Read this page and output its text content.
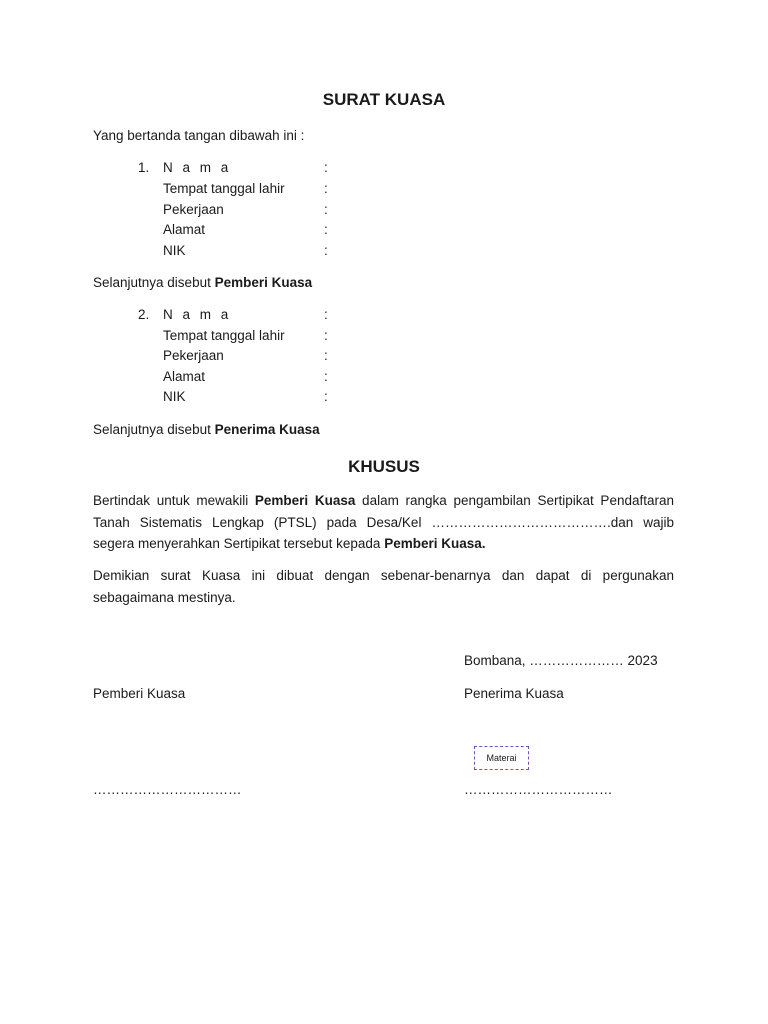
SURAT KUASA
Yang bertanda tangan dibawah ini :
1. N a m a	:
Tempat tanggal lahir	:
Pekerjaan	:
Alamat	:
NIK	:
Selanjutnya disebut Pemberi Kuasa
2. N a m a	:
Tempat tanggal lahir	:
Pekerjaan	:
Alamat	:
NIK	:
Selanjutnya disebut Penerima Kuasa
KHUSUS
Bertindak untuk mewakili Pemberi Kuasa dalam rangka pengambilan Sertipikat Pendaftaran Tanah Sistematis Lengkap (PTSL) pada Desa/Kel ………………………………….dan wajib segera menyerahkan Sertipikat tersebut kepada Pemberi Kuasa.
Demikian surat Kuasa ini dibuat dengan sebenar-benarnya dan dapat di pergunakan sebagaimana mestinya.
Bombana, ………………… 2023
Pemberi Kuasa	Penerima Kuasa
Materai
……………………………	……………………………
